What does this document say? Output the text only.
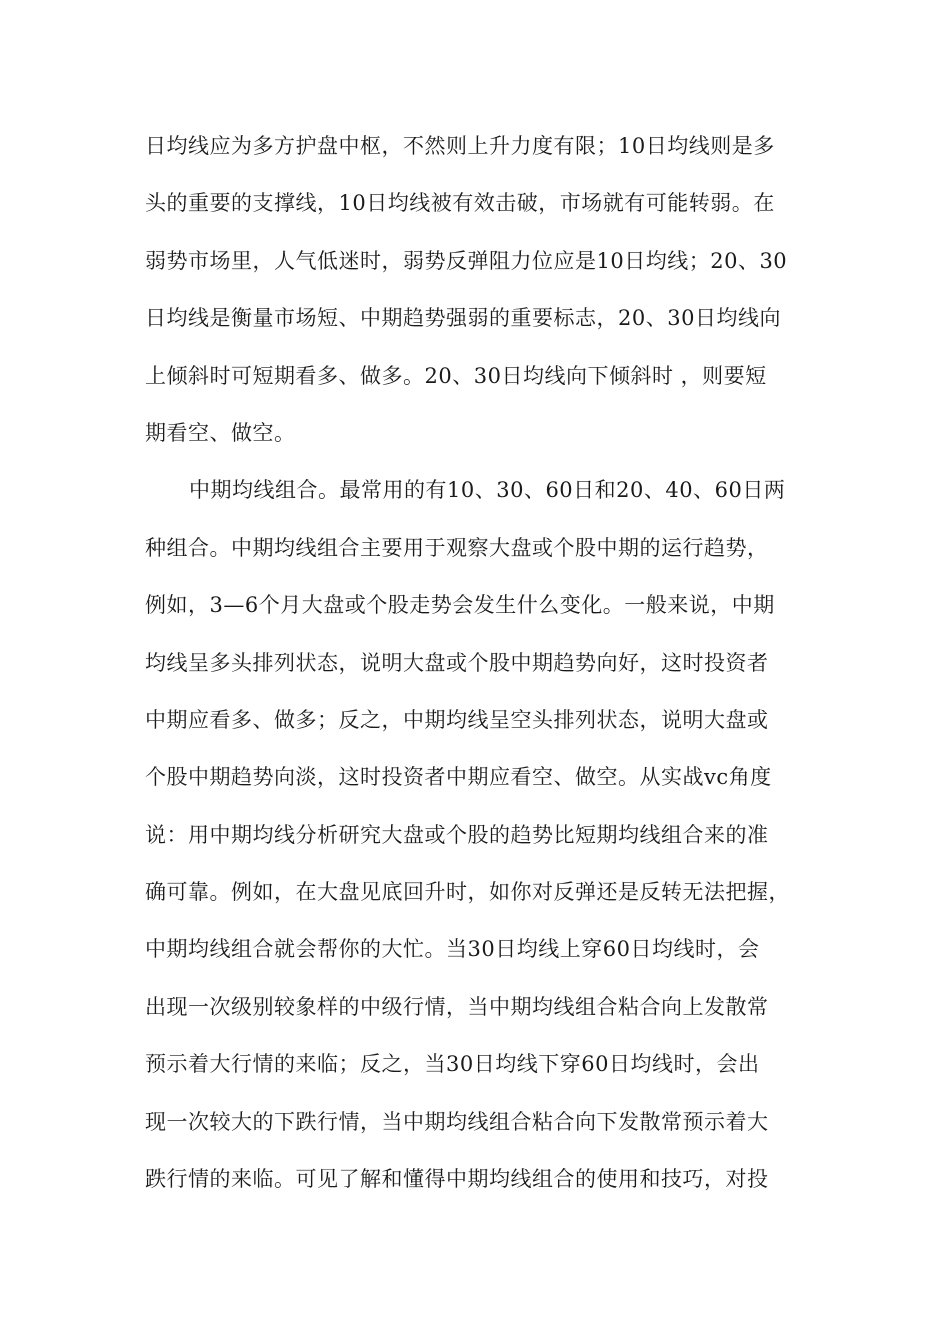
日均线应为多方护盘中枢，不然则上升力度有限；10日均线则是多
头的重要的支撑线，10日均线被有效击破，市场就有可能转弱。在
弱势市场里，人气低迷时，弱势反弹阻力位应是10日均线；20、30
日均线是衡量市场短、中期趋势强弱的重要标志，20、30日均线向
上倾斜时可短期看多、做多。20、30日均线向下倾斜时 ，则要短
期看空、做空。
中期均线组合。最常用的有10、30、60日和20、40、60日两
种组合。中期均线组合主要用于观察大盘或个股中期的运行趋势，
例如，3—6个月大盘或个股走势会发生什么变化。一般来说，中期
均线呈多头排列状态，说明大盘或个股中期趋势向好，这时投资者
中期应看多、做多；反之，中期均线呈空头排列状态，说明大盘或
个股中期趋势向淡，这时投资者中期应看空、做空。从实战vc角度
说：用中期均线分析研究大盘或个股的趋势比短期均线组合来的准
确可靠。例如，在大盘见底回升时，如你对反弹还是反转无法把握，
中期均线组合就会帮你的大忙。当30日均线上穿60日均线时，会
出现一次级别较象样的中级行情，当中期均线组合粘合向上发散常
预示着大行情的来临；反之，当30日均线下穿60日均线时，会出
现一次较大的下跌行情，当中期均线组合粘合向下发散常预示着大
跌行情的来临。可见了解和懂得中期均线组合的使用和技巧，对投
